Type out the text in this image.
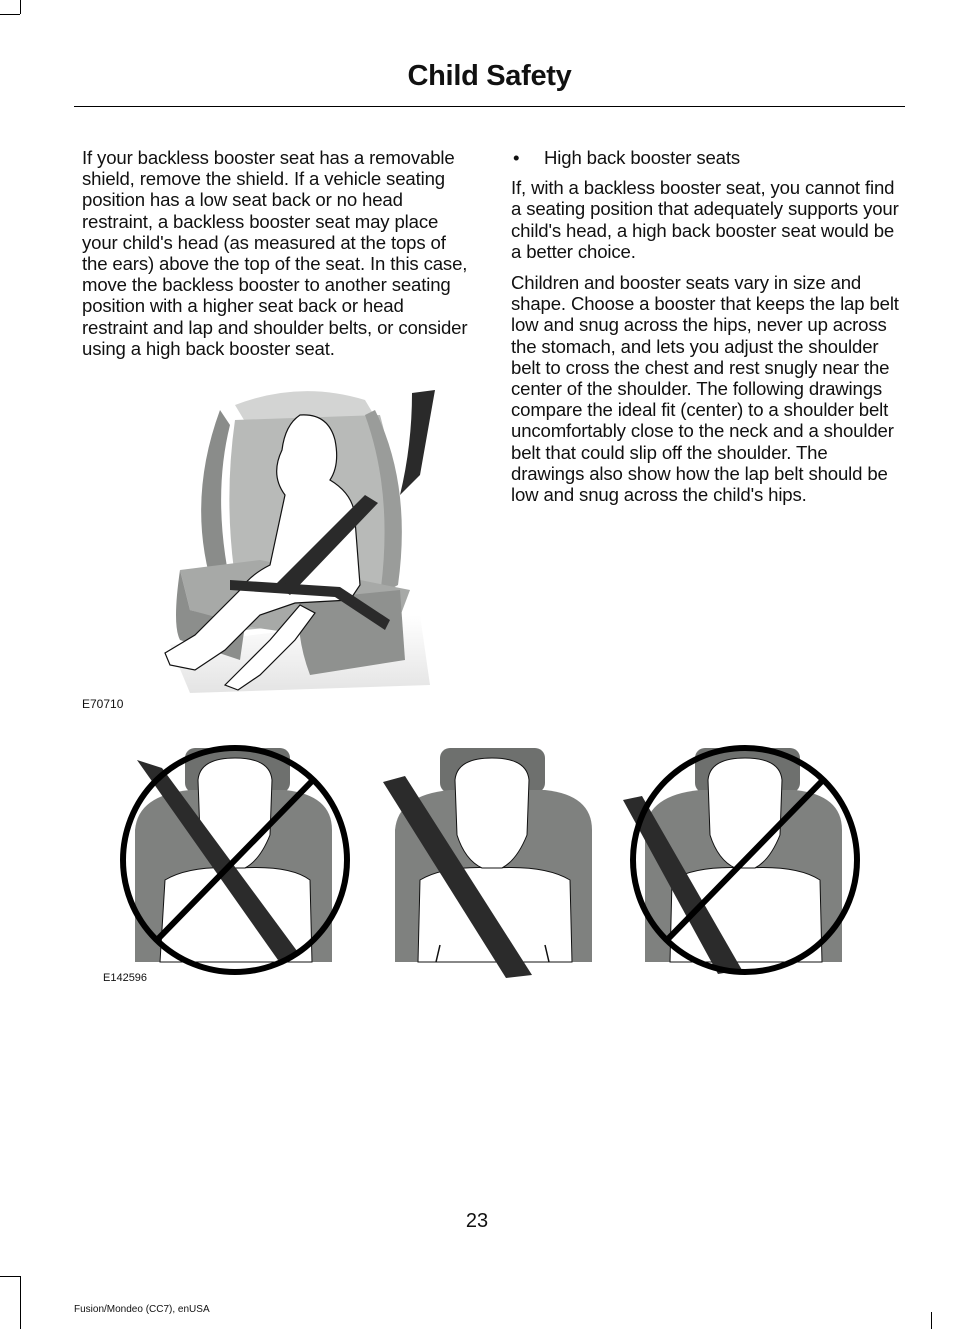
Child Safety

If your backless booster seat has a removable shield, remove the shield. If a vehicle seating position has a low seat back or no head restraint, a backless booster seat may place your child's head (as measured at the tops of the ears) above the top of the seat. In this case, move the backless booster to another seating position with a higher seat back or head restraint and lap and shoulder belts, or consider using a high back booster seat.

•	High back booster seats

If, with a backless booster seat, you cannot find a seating position that adequately supports your child's head, a high back booster seat would be a better choice.

Children and booster seats vary in size and shape. Choose a booster that keeps the lap belt low and snug across the hips, never up across the stomach, and lets you adjust the shoulder belt to cross the chest and rest snugly near the center of the shoulder. The following drawings compare the ideal fit (center) to a shoulder belt uncomfortably close to the neck and a shoulder belt that could slip off the shoulder. The drawings also show how the lap belt should be low and snug across the child's hips.

E70710
E142596
23
Fusion/Mondeo (CC7), enUSA
